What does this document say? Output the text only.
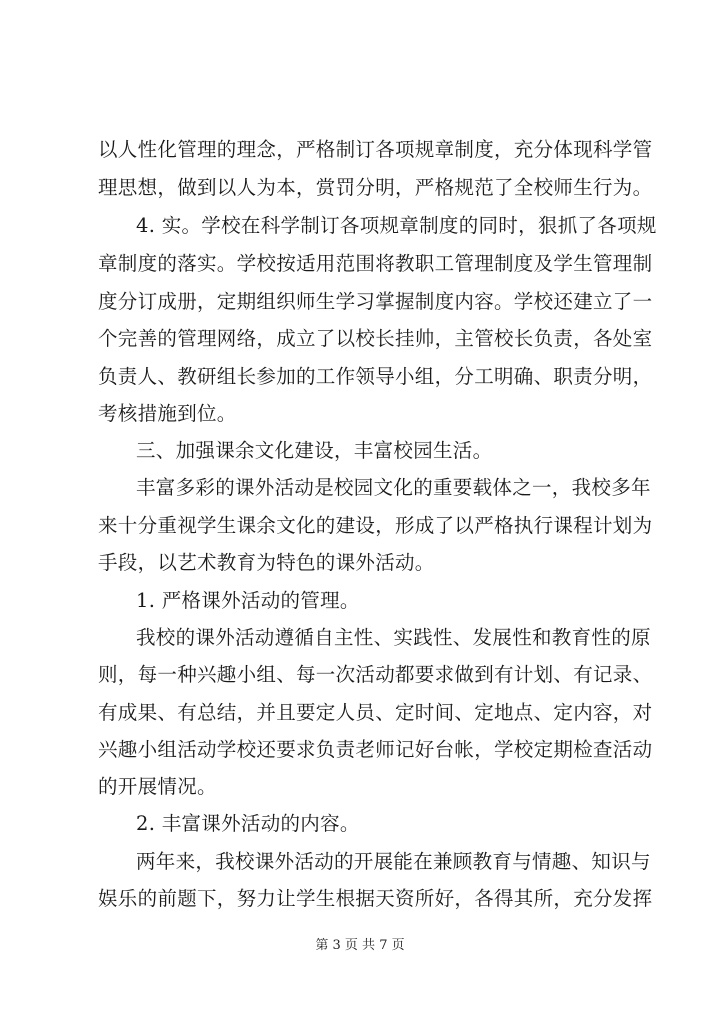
以人性化管理的理念，严格制订各项规章制度，充分体现科学管
理思想，做到以人为本，赏罚分明，严格规范了全校师生行为。
4. 实。学校在科学制订各项规章制度的同时，狠抓了各项规
章制度的落实。学校按适用范围将教职工管理制度及学生管理制
度分订成册，定期组织师生学习掌握制度内容。学校还建立了一
个完善的管理网络，成立了以校长挂帅，主管校长负责，各处室
负责人、教研组长参加的工作领导小组，分工明确、职责分明，
考核措施到位。
三、加强课余文化建设，丰富校园生活。
丰富多彩的课外活动是校园文化的重要载体之一，我校多年
来十分重视学生课余文化的建设，形成了以严格执行课程计划为
手段，以艺术教育为特色的课外活动。
1. 严格课外活动的管理。
我校的课外活动遵循自主性、实践性、发展性和教育性的原
则，每一种兴趣小组、每一次活动都要求做到有计划、有记录、
有成果、有总结，并且要定人员、定时间、定地点、定内容，对
兴趣小组活动学校还要求负责老师记好台帐，学校定期检查活动
的开展情况。
2. 丰富课外活动的内容。
两年来，我校课外活动的开展能在兼顾教育与情趣、知识与
娱乐的前题下，努力让学生根据天资所好，各得其所，充分发挥
第 3 页 共 7 页
